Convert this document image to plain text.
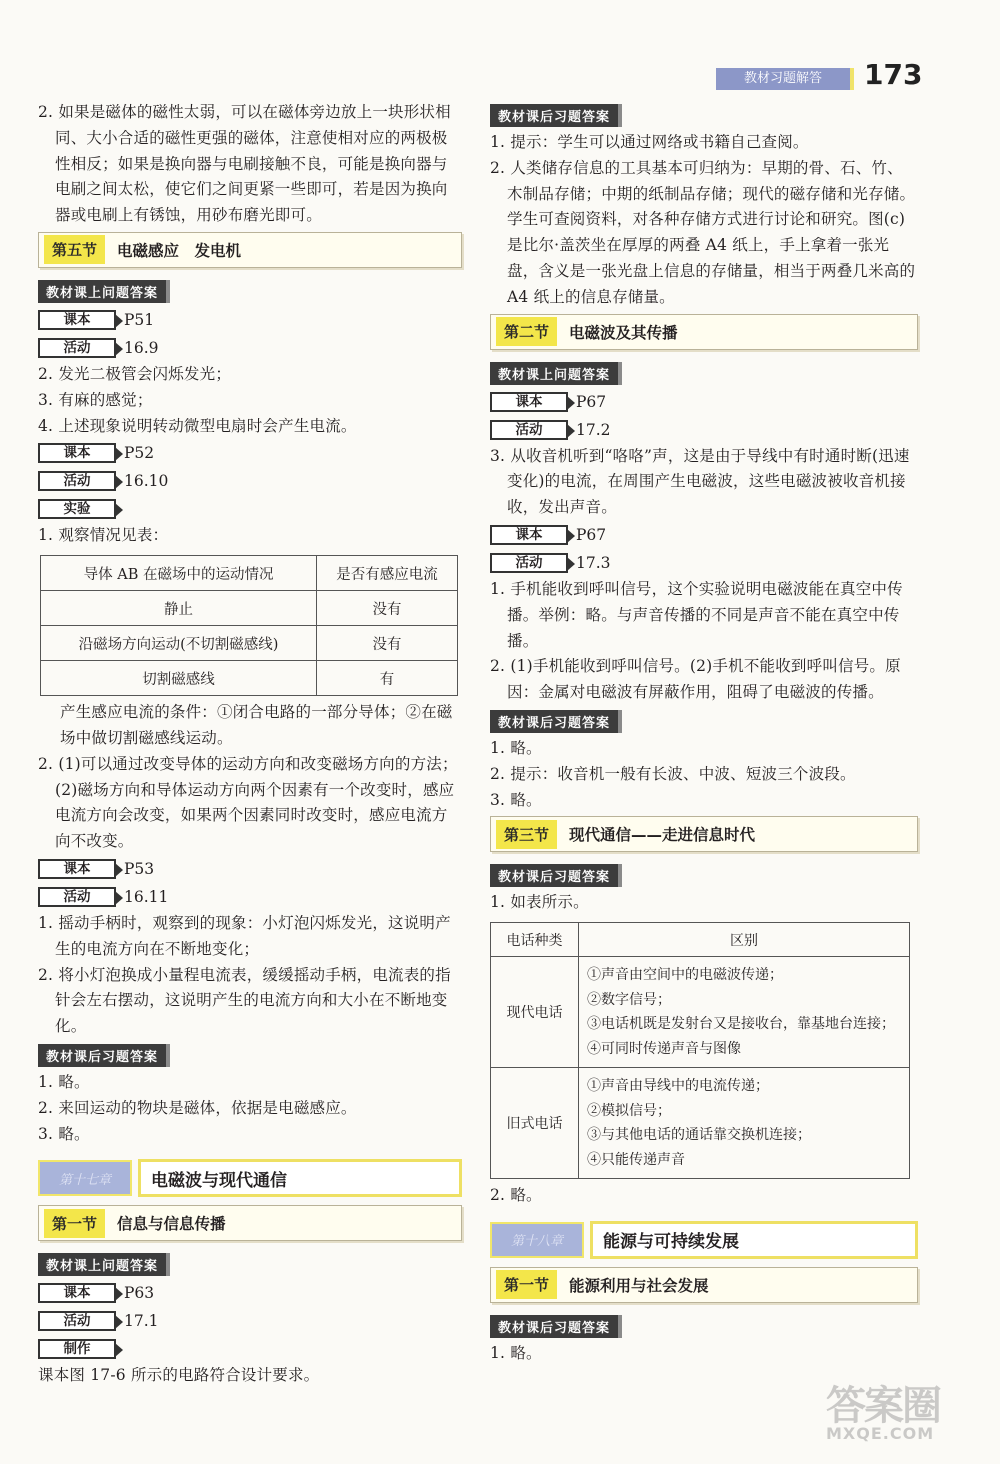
教材习题解答	173
2. 如果是磁体的磁性太弱，可以在磁体旁边放上一块形状相同、大小合适的磁性更强的磁体，注意使相对应的两极极性相反；如果是换向器与电刷接触不良，可能是换向器与电刷之间太松，使它们之间更紧一些即可，若是因为换向器或电刷上有锈蚀，用砂布磨光即可。
第五节	电磁感应　发电机
教材课上问题答案
课本	P51
活动	16.9
2. 发光二极管会闪烁发光；
3. 有麻的感觉；
4. 上述现象说明转动微型电扇时会产生电流。
课本	P52
活动	16.10
实验
1. 观察情况见表：
导体 AB 在磁场中的运动情况	是否有感应电流
静止	没有
沿磁场方向运动(不切割磁感线)	没有
切割磁感线	有
产生感应电流的条件：①闭合电路的一部分导体；②在磁场中做切割磁感线运动。
2. (1)可以通过改变导体的运动方向和改变磁场方向的方法；(2)磁场方向和导体运动方向两个因素有一个改变时，感应电流方向会改变，如果两个因素同时改变时，感应电流方向不改变。
课本	P53
活动	16.11
1. 摇动手柄时，观察到的现象：小灯泡闪烁发光，这说明产生的电流方向在不断地变化；
2. 将小灯泡换成小量程电流表，缓缓摇动手柄，电流表的指针会左右摆动，这说明产生的电流方向和大小在不断地变化。
教材课后习题答案
1. 略。
2. 来回运动的物块是磁体，依据是电磁感应。
3. 略。
第十七章	电磁波与现代通信
第一节	信息与信息传播
教材课上问题答案
课本	P63
活动	17.1
制作
课本图 17-6 所示的电路符合设计要求。
教材课后习题答案
1. 提示：学生可以通过网络或书籍自己查阅。
2. 人类储存信息的工具基本可归纳为：早期的骨、石、竹、木制品存储；中期的纸制品存储；现代的磁存储和光存储。学生可查阅资料，对各种存储方式进行讨论和研究。图(c)是比尔·盖茨坐在厚厚的两叠 A4 纸上，手上拿着一张光盘，含义是一张光盘上信息的存储量，相当于两叠几米高的 A4 纸上的信息存储量。
第二节	电磁波及其传播
教材课上问题答案
课本	P67
活动	17.2
3. 从收音机听到“咯咯”声，这是由于导线中有时通时断(迅速变化)的电流，在周围产生电磁波，这些电磁波被收音机接收，发出声音。
课本	P67
活动	17.3
1. 手机能收到呼叫信号，这个实验说明电磁波能在真空中传播。举例：略。与声音传播的不同是声音不能在真空中传播。
2. (1)手机能收到呼叫信号。(2)手机不能收到呼叫信号。原因：金属对电磁波有屏蔽作用，阻碍了电磁波的传播。
教材课后习题答案
1. 略。
2. 提示：收音机一般有长波、中波、短波三个波段。
3. 略。
第三节	现代通信——走进信息时代
教材课后习题答案
1. 如表所示。
电话种类	区别
现代电话	①声音由空间中的电磁波传递；
②数字信号；
③电话机既是发射台又是接收台，靠基地台连接；
④可同时传递声音与图像

旧式电话	①声音由导线中的电流传递；
②模拟信号；
③与其他电话的通话靠交换机连接；
④只能传递声音
2. 略。
第十八章	能源与可持续发展
第一节	能源利用与社会发展
教材课后习题答案
1. 略。
答案圈
MXQE.COM
